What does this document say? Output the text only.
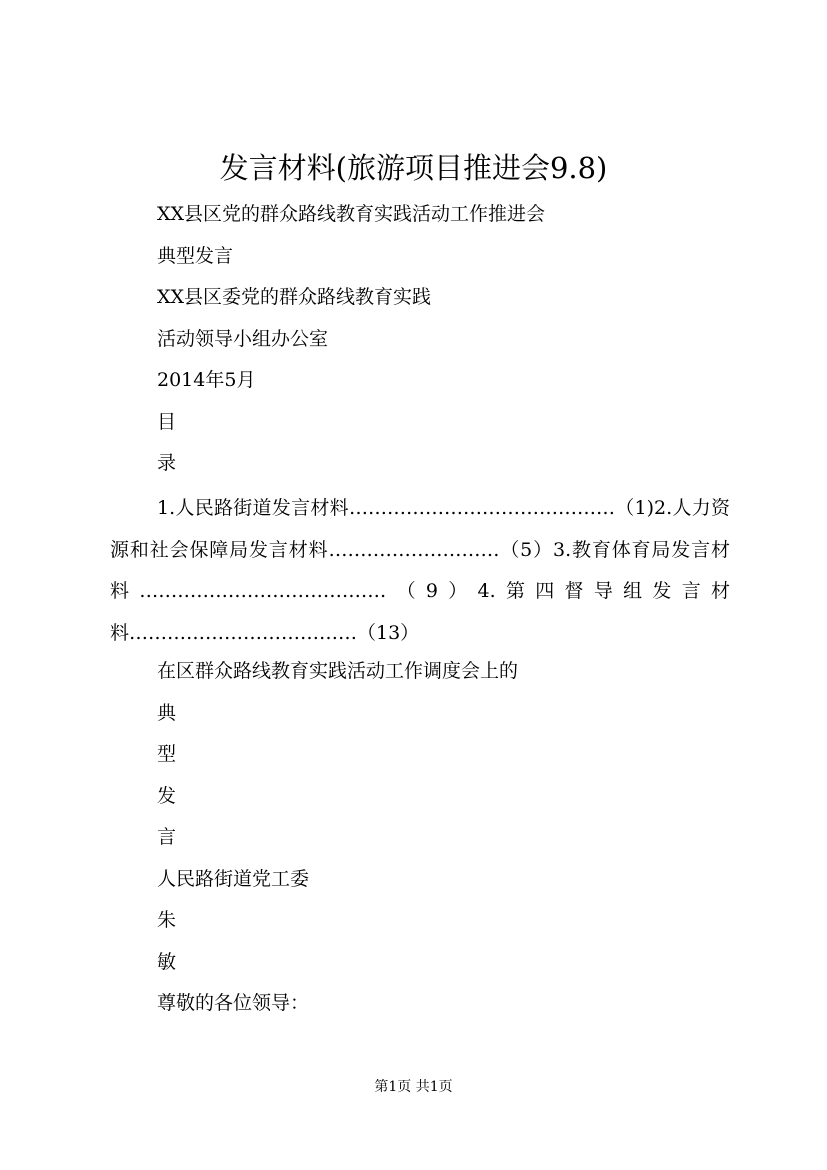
发言材料(旅游项目推进会9.8)

XX县区党的群众路线教育实践活动工作推进会

典型发言

XX县区委党的群众路线教育实践

活动领导小组办公室

2014年5月

目

录

1.人民路街道发言材料……………………………………（1)2.人力资源和社会保障局发言材料………………………（5）3.教育体育局发言材料…………………………………（9）4.第四督导组发言材料………………………………（13）

在区群众路线教育实践活动工作调度会上的

典

型

发

言

人民路街道党工委

朱

敏

尊敬的各位领导：

第1页 共1页
